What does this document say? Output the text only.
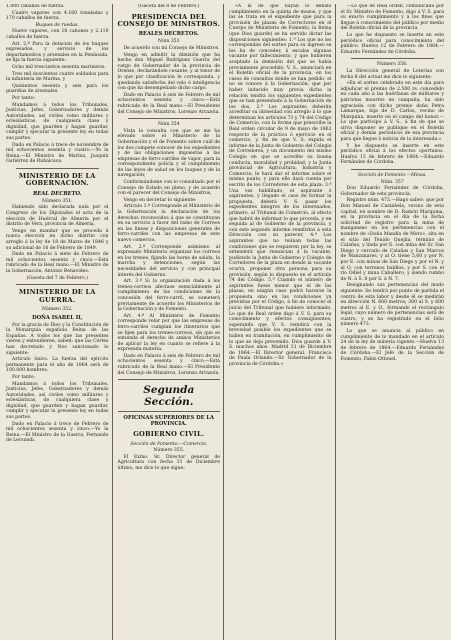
1.000 caballos de fuerza.

Cuatro vapores con 4.160 toneladas y 170 caballos de fuerza.

Buques de ruedas.

Nueve vapores, con 18 cañones y 2.110 caballos de fuerza.

Art. 2.º Para la dotación de los buques expresados, y servicio de los departamentos y arsenales en la Península, se fija la fuerza siguiente:

Ocho mil trescientos sesenta marineros.

Tres mil doscientos cuatro soldados para la infantería de Marina, y

Quinientos sesenta y seis para los guardias de arsenales.

Por tanto:

Mandamos á todos los Tribunales, Justicias, Jefes, Gobernadores y demás Autoridades, así civiles como militares y eclesiásticas, de cualquiera clase y dignidad, que guarden y hagan guardar, cumplir y ejecutar la presente ley en todas sus partes.

Dado en Palacio á trece de noviembre de mil ochocientos sesenta y cuatro.—Yo la Reina.—El Ministro de Marina, Joaquín Gutiérrez de Rubalcava.

MINISTERIO DE LA GOBERNACIÓN.
REAL DECRETO.

Número 351.

Habiendo sido declarada nula por el Congreso de los Diputados el acta de la elección de Huércal de Almería por el distrito de Vera, provincia de Almería,

Vengo en mandar que se proceda á nueva elección en dicho distrito con arreglo á la ley de 18 de Marzo de 1846 y su adicional de 16 de Febrero de 1849.

Dado en Palacio á siete de Febrero de mil ochocientos sesenta y cinco.—Está rubricado de la Real mano.—El Ministro de la Gobernación, Antonio Benavides.

(Gaceta del 7 de Febrero.)

MINISTERIO DE LA GUERRA.

Número 352.

DOÑA ISABEL II,

Por la gracia de Dios y la Constitución de la Monarquía española Reina de las Españas. A todos los que las presentes vieren y entendieren, sabed: que las Córtes han decretado y Nos sancionado lo siguiente:

Artículo único. La fuerza del ejército permanente para el año de 1864 será de 100.000 hombres.

Por tanto:

Mandamos á todos los Tribunales, Justicias, Jefes, Gobernadores y demás Autoridades, así civiles como militares y eclesiásticas, de cualquiera clase y dignidad, que guarden y hagan guardar, cumplir y ejecutar la presente ley en todas sus partes.

Dado en Palacio á trece de Febrero de mil ochocientos sesenta y cinco.—Yo la Reina.—El Ministro de la Guerra, Fernando de Lersundi.

(Gaceta del 8 de Febrero.)

PRESIDENCIA DEL CONSEJO DE MINISTROS.
REALES DECRETOS.

Núm 353

De acuerdo con mi Consejo de Ministros.

Vengo en admitir la dimisión que ha hecho don Miguel Rodríguez Guerra del cargo de Gobernador de la provincia de Orense, declarándole cesante, y al tenor de lo que por clasificación le corresponda, y quedando satisfecha del celo é inteligencia con que ha desempeñado dicho cargo.

Dado en Palacio á seis de Febrero de mil ochocientos sesenta y cinco.—Está rubricado de la Real mano.—El Presidente del Consejo de Ministros, Lorenzo Arrazola.

Núm 354

Vista la consulta con que se me ha elevado sobre el Ministerio de la Gobernación y el de Fomento sobre cuál de los dos compete conocer de los expedientes y de las obligaciones impuestas á las empresas de ferro-carriles de vapor, para la correspondiente policía y el cumplimiento de las leyes de salud en los buques y de la navegación;

Conformándome con lo consultado por el Consejo de Estado en pleno, y de acuerdo con el parecer del Consejo de Ministros,

Vengo en decretar lo siguiente:

Artículo 1.º Corresponde al Ministerio de la Gobernación la declaración de los derechos reconocidos á que se constituyan en su servicio á favor del ramo de Correos en las líneas y disposiciones generales de ferro-carriles con las empresas de este nuevo comercio.

Art. 2.º Corresponde asimismo al expresado Ministerio organizar los correos en los trenes, fijando las horas de salida, la marcha y detenciones, según las necesidades del servicio y con principal interés del Gobierno.

Art. 3.º Si la organización dada á los trenes-correos afectase esencialmente al cumplimiento de las condiciones de la concesión del ferro-carril, se someterá previamente de acuerdo los Ministerios de la Gobernación y de Fomento.

Art. 4.º Al Ministerio de Fomento corresponde velar por que las empresas de ferro-carriles cumplan los itinerarios que se fijen para los trenes-correos, sin que se entienda el derecho de ambos Ministerios de aplicar la ley en cuanto se refiere á la expresada materia.

Dado en Palacio á seis de Febrero de mil ochocientos sesenta y cinco.—Está rubricado de la Real mano.—El Presidente del Consejo de Ministros, Lorenzo Arrazola.

Segunda Sección.
OFICINAS SUPERIORES DE LA PROVINCIA.
GOBIERNO CIVIL.

Sección de Fomento.—Comercio.

Número 355.

El Exmo. Sr. Director general de Agricultura con fecha 31 de Diciembre último, me dice lo que sigue:

«A la de que hayan lo debido cumplimiento en la quinta de mozos, y que las se trata en el expediente que para la provisión de plazas de Correctores en el Cuerpo de Ministerio de Fomento, la Reina (que Dios guarde) se ha servido dictar las disposiciones siguientes: 1.ª Los que no les correspondan del sorteo para su ingreso se les ha de conceder, á escalas algunas vacante por fallecimiento, y que hubieren aceptado la demisión del que se había previamente procedido. V. S., anunciará en el Boletín oficial de la provincia, en los casos de consultas donde se han pedido, el no se conoce á la Gobernación; que por haber inducido muy previa dicha la relación tendrá los siguientes expedientes que se han presentado á la Gobernación de los dos, 2.ª Los aspirantes deberán acreditar su idoneidad con arreglo á lo que determinan los artículos 73 y 74 del Código de Comercio, con la forma que prescribe la Real orden circular de 9 de mayo de 1862 respecto de la práctica ó ejercicio en el comercio, y, fin de que V. S. expida el informe de la Junta de Gobierno del Colegio de Corredores, y un documento del mismo Colegio en que se acredite su buena conducta, moralidad y probidad; y la Junta provincial de Agricultura, Industria y Comercio, le hará dar el informe sobre el mismo punto, y para ello dará cuenta por escrito de los Corredores de esta plaza: 3.ª Una vez habilitado, el aspirante ó aspirantes, y llegado el caso de formar la propuesta, deberá V. S. pasar los expedientes íntegros de los interesados, primero, al Tribunal de Comercio, al efecto que habrá de informar lo que proceda, y en seguida al de Gobierno de la provincia, y con este segundo informe remitirlos á esta Dirección con su parecer, 4.ª Los aspirantes que no reúnan todas las condiciones que se requieren por la ley, se entenderá que renuncian á la vacante, pudiendo la Junta de Gobierno y Colegio de Corredores de la plaza en donde la vacante ocurra, proponer otra persona para su provisión, según lo dispuesto en el artículo 74 del Código. 5.ª Cuando el número de aspirantes fuese menor que el de las plazas, en ningún caso podrá hacerse la propuesta sino en las condiciones ya previstas por el Código, á fin de conocer el juicio del Tribunal que hubiere informado. Lo que de Real orden digo á V. S. para su conocimiento y efectos consiguientes; esperando que V. S. remitirá con la brevedad posible los expedientes que se hallen en tramitación, en cumplimiento de lo que se deja prevenido. Dios guarde á V. S. muchos años. Madrid 31 de Diciembre de 1864.—El Director general, Francisco de Paula Orlando.—Sr. Gobernador de la provincia de Córdoba.»

—Lo que de Real orden, comunicada por el Sr. Ministro de Fomento, digo á V. S. para su exacto cumplimiento y á los fines que llegue á conocimiento del público por medio del Boletín oficial de la provincia.

Lo que he dispuesto se inserte en este periódico oficial para conocimiento del público. Huelva 12 de Febrero de 1864.—Eduardo Fernández de Córdoba.

Número 356.

La Dirección general de Loterías con fecha 8 del actual me dice lo siguiente:

«En el sorteo celebrado en este día para adjudicar el premio de 2.500 rs. concedido en cada año á las huérfanas de militares y patriotas muertos en campaña, ha sido agraciada con dicho premio doña Petra Lamarque, hija de D. Carlos, vecino de Marquina, muerto en el campo del honor.—Lo que participo á V. S., á fin de que se sirva disponer se publique en el Boletín oficial y demás periódicos de esa provincia para que llegue á noticia de la interesada.»

Y he dispuesto se inserte en este periódico oficial á los efectos oportunos. Huelva 13 de febrero de 1864.—Eduardo Fernández de Córdoba.

Sección de Fomento.—Minas.

Núm. 357

Don Eduardo Fernández de Córdoba, Gobernador de esta provincia.

Registro núm. 473.—Hago saber: que por Don Manuel de Castañela, vecino de esta capital, en nombre de D. Ramón Marquina, en la provincia en el día de la fecha solicitud de registro para la mina de manganeso en los pertenencias con el nombre de «Doña Mandla de Moro», sita en el sitio del Tenido Quejila, término de Calañas, y linda por E. con mina del Sr. San Diego y cercado de Calañas y San Marcos de Manzanares, y al O. tiene 5,60 y por N. por E. con minas de San Diego y por el N. y al O. con terrenos baldíos, y por S. con el río Odiel y mina Caballero, y siendo rumbo de N. á S. 8 por S. á N. 7.

Designando sus pertenencias del modo siguiente: Se tendrá por punto de partida el centro de esta labor y desde él se medirán en dirección N. 600 metros; 300 al S. y 600 metros al E. y O., formando el rectángulo legal, cuyo número de pertenencias será de cuatro, y se ha registrado en el folio número 473.

Lo que se anuncia al público en cumplimiento de lo mandado en el artículo 24 de la ley de minería vigente.—Huelva 13 de febrero de 1864.—Eduardo Fernández de Córdoba.—El Jefe de la Sección de Fomento, Pablo Ottonel.
